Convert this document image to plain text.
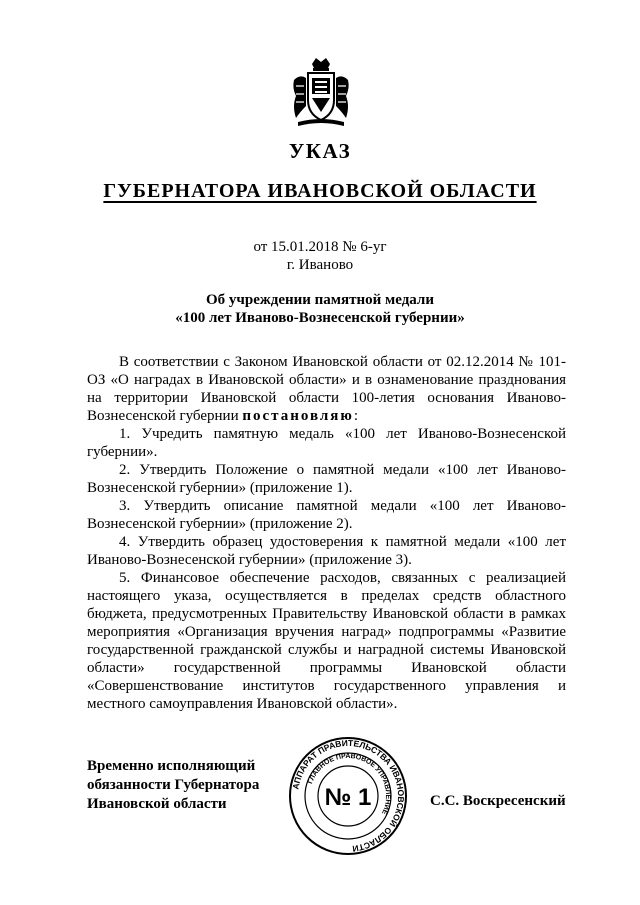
УКАЗ
ГУБЕРНАТОРА ИВАНОВСКОЙ ОБЛАСТИ
от 15.01.2018 № 6-уг
г. Иваново
Об учреждении памятной медали
«100 лет Иваново-Вознесенской губернии»

В соответствии с Законом Ивановской области от 02.12.2014 № 101-ОЗ «О наградах в Ивановской области» и в ознаменование празднования на территории Ивановской области 100-летия основания Иваново-Вознесенской губернии постановляю:

1. Учредить памятную медаль «100 лет Иваново-Вознесенской губернии».

2. Утвердить Положение о памятной медали «100 лет Иваново-Вознесенской губернии» (приложение 1).

3. Утвердить описание памятной медали «100 лет Иваново-Вознесенской губернии» (приложение 2).

4. Утвердить образец удостоверения к памятной медали «100 лет Иваново-Вознесенской губернии» (приложение 3).

5. Финансовое обеспечение расходов, связанных с реализацией настоящего указа, осуществляется в пределах средств областного бюджета, предусмотренных Правительству Ивановской области в рамках мероприятия «Организация вручения наград» подпрограммы «Развитие государственной гражданской службы и наградной системы Ивановской области» государственной программы Ивановской области «Совершенствование институтов государственного управления и местного самоуправления Ивановской области».

Временно исполняющий
обязанности Губернатора
Ивановской области
АППАРАТ ПРАВИТЕЛЬСТВА ИВАНОВСКОЙ ОБЛАСТИ
ГЛАВНОЕ ПРАВОВОЕ УПРАВЛЕНИЕ
№ 1	С.С. Воскресенский
